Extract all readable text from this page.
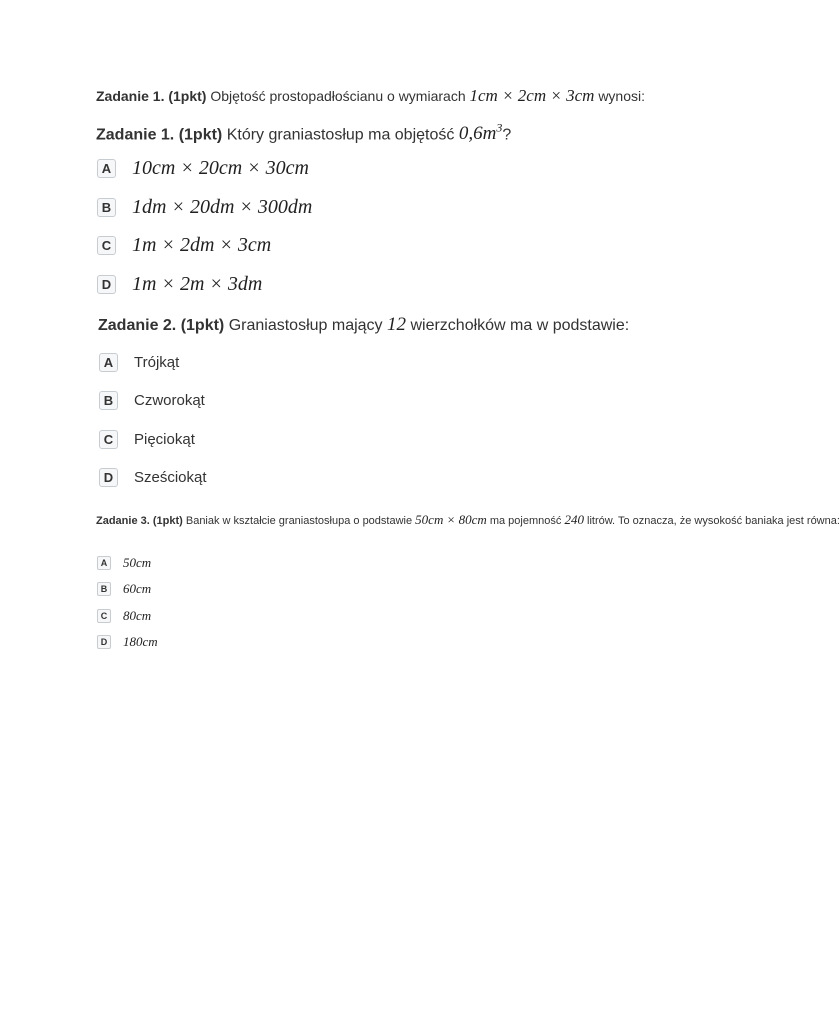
Zadanie 1. (1pkt) Objętość prostopadłościanu o wymiarach 1cm × 2cm × 3cm wynosi:
Zadanie 1. (1pkt) Który graniastosłup ma objętość $0,6m^3$?
A 10cm × 20cm × 30cm
B 1dm × 20dm × 300dm
C 1m × 2dm × 3cm
D 1m × 2m × 3dm
Zadanie 2. (1pkt) Graniastosłup mający 12 wierzchołków ma w podstawie:
A	Trójkąt
B	Czworokąt
C	Pięciokąt
D	Sześciokąt
Zadanie 3. (1pkt) Baniak w kształcie graniastosłupa o podstawie 50cm × 80cm ma pojemność 240 litrów. To oznacza, że wysokość baniaka jest równa:
A 50cm
B 60cm
C 80cm
D 180cm
